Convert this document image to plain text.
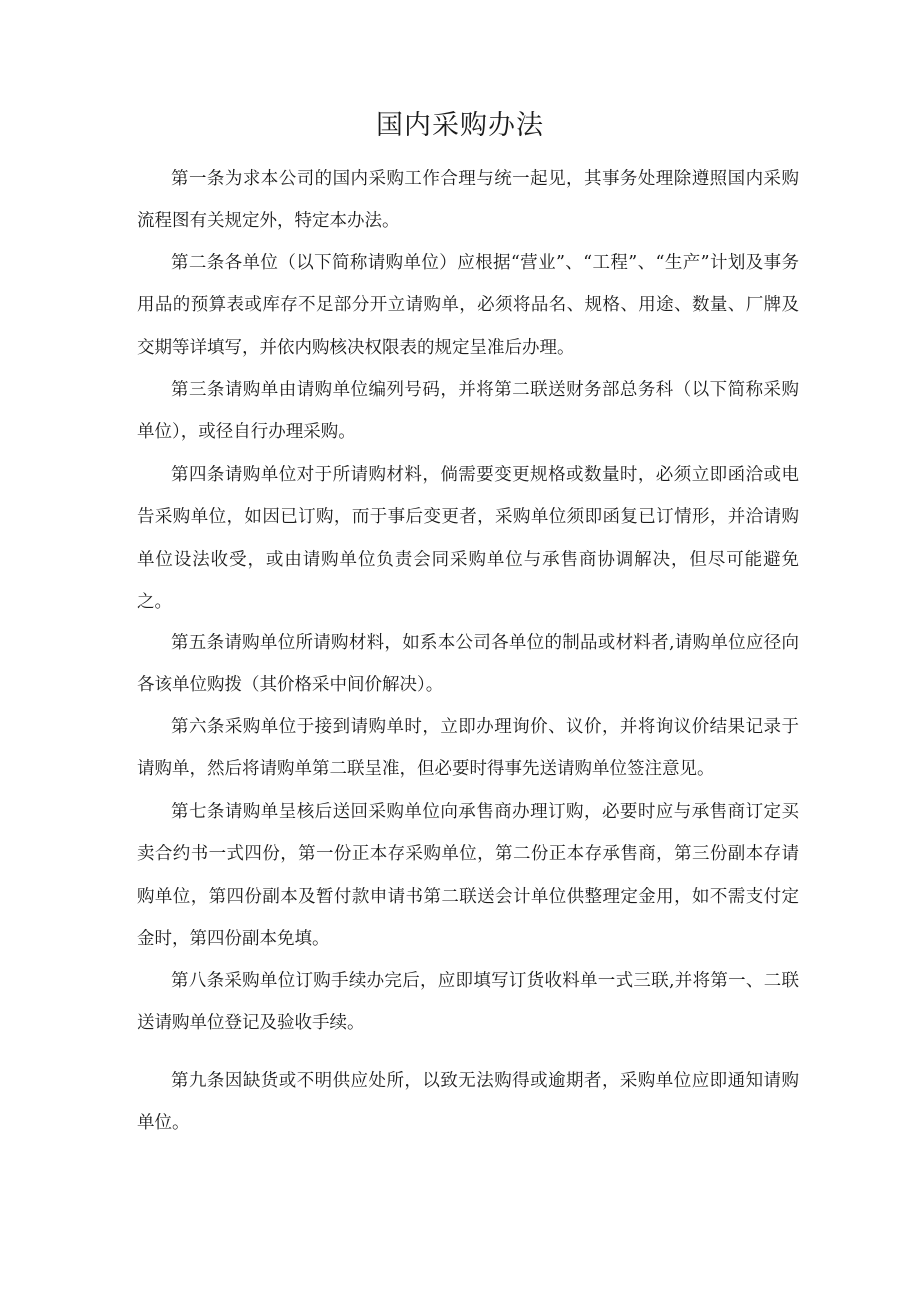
国内采购办法

第一条为求本公司的国内采购工作合理与统一起见，其事务处理除遵照国内采购流程图有关规定外，特定本办法。

第二条各单位（以下简称请购单位）应根据“营业”、“工程”、“生产”计划及事务用品的预算表或库存不足部分开立请购单，必须将品名、规格、用途、数量、厂牌及交期等详填写，并依内购核决权限表的规定呈准后办理。

第三条请购单由请购单位编列号码，并将第二联送财务部总务科（以下简称采购单位），或径自行办理采购。

第四条请购单位对于所请购材料，倘需要变更规格或数量时，必须立即函洽或电告采购单位，如因已订购，而于事后变更者，采购单位须即函复已订情形，并洽请购单位设法收受，或由请购单位负责会同采购单位与承售商协调解决，但尽可能避免之。

第五条请购单位所请购材料，如系本公司各单位的制品或材料者,请购单位应径向各该单位购拨（其价格采中间价解决）。

第六条采购单位于接到请购单时，立即办理询价、议价，并将询议价结果记录于请购单，然后将请购单第二联呈准，但必要时得事先送请购单位签注意见。

第七条请购单呈核后送回采购单位向承售商办理订购，必要时应与承售商订定买卖合约书一式四份，第一份正本存采购单位，第二份正本存承售商，第三份副本存请购单位，第四份副本及暂付款申请书第二联送会计单位供整理定金用，如不需支付定金时，第四份副本免填。

第八条采购单位订购手续办完后，应即填写订货收料单一式三联,并将第一、二联送请购单位登记及验收手续。

第九条因缺货或不明供应处所，以致无法购得或逾期者，采购单位应即通知请购单位。
